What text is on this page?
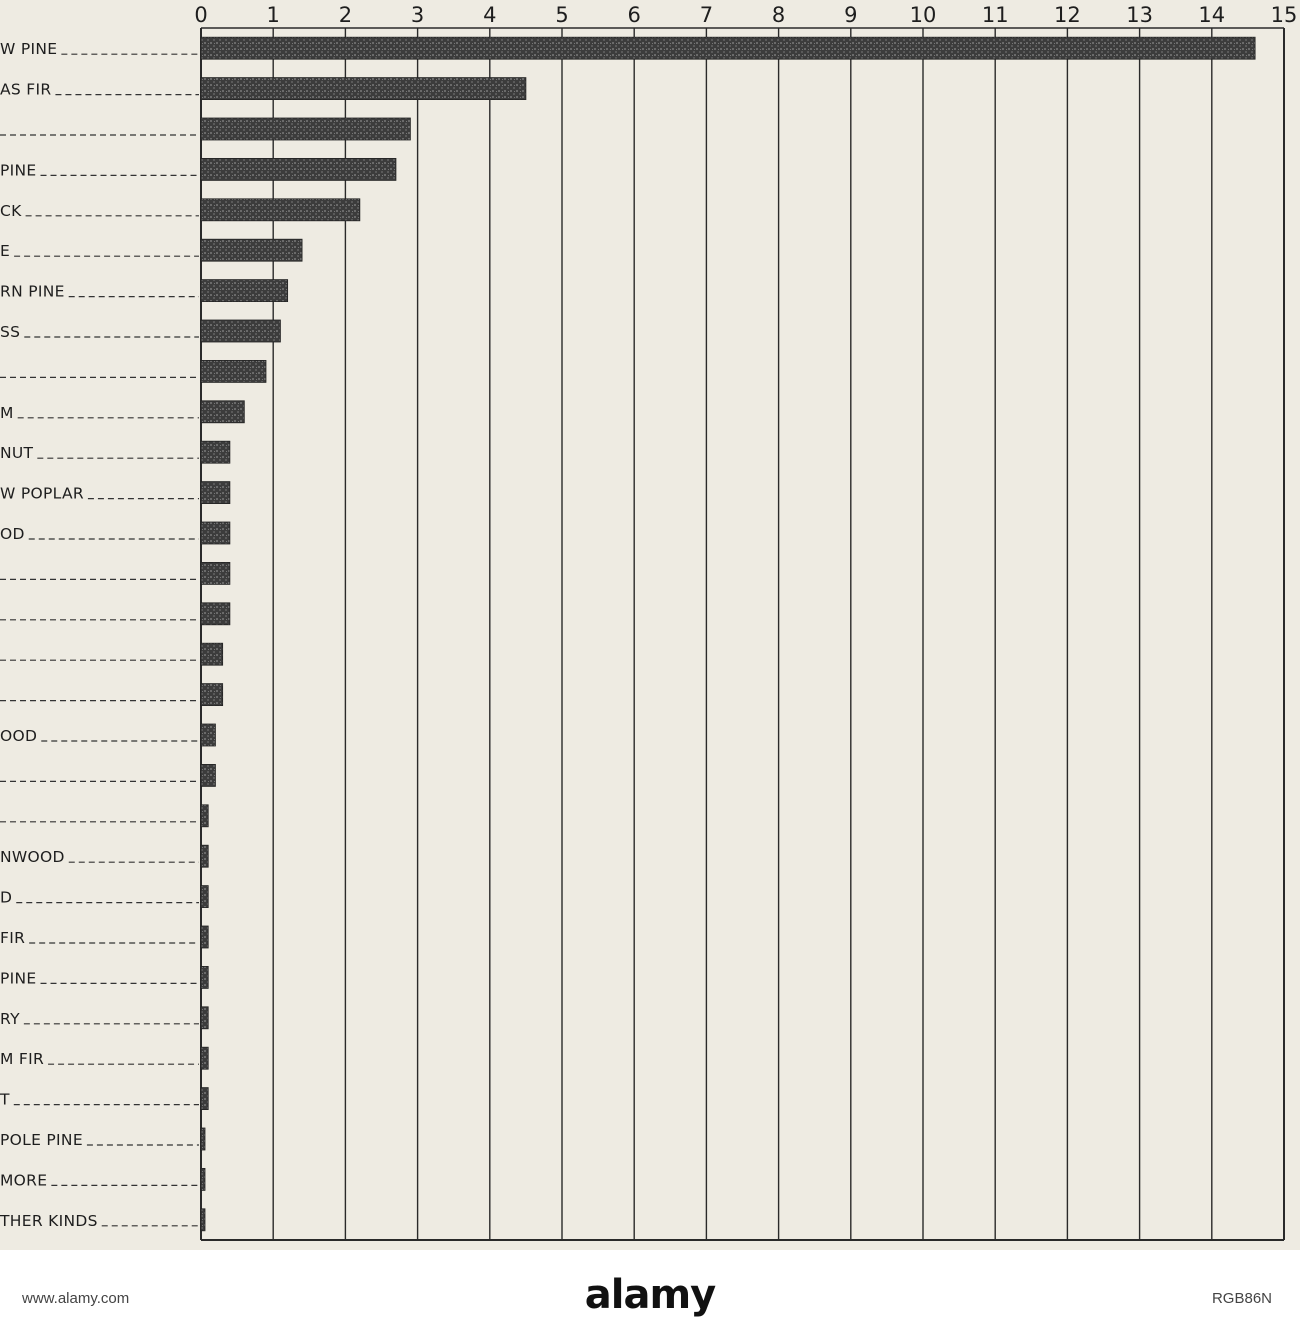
0	1	2	3	4	5	6	7	8	9 10 11 12 13 14 15
W PINE
AS FIR
PINE
CK
E
RN PINE
SS
M
NUT
W POPLAR
OD
OOD
NWOOD
D
FIR
PINE
RY
M FIR
T
POLE PINE
MORE
THER KINDS
www.alamy.com	alamy	RGB86N
